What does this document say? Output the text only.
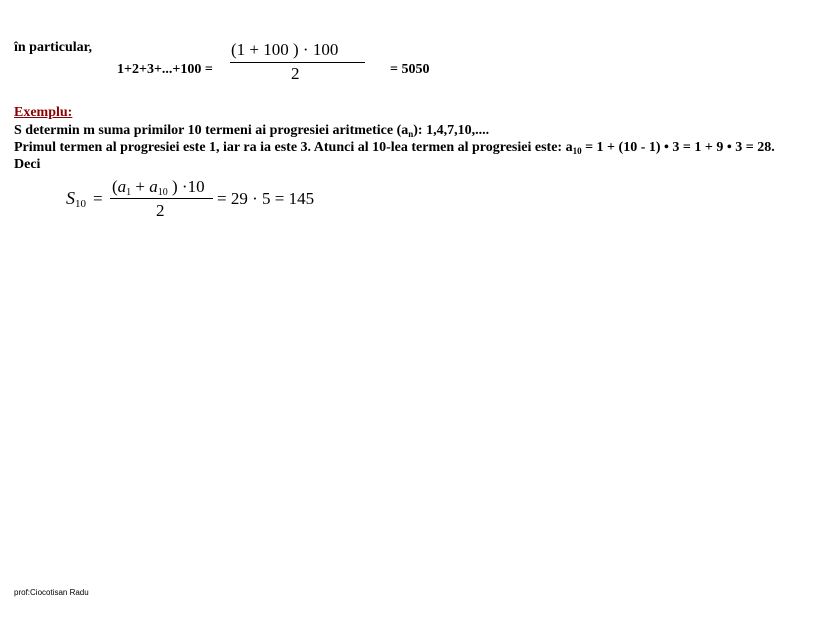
în particular,
1+2+3+...+100 =
(1 + 100 ) · 100
2	= 5050
Exemplu:
S determin m suma primilor 10 termeni ai progresiei aritmetice $(a_n)$: 1,4,7,10,....
Primul termen al progresiei este 1, iar ra ia este 3. Atunci al 10-lea termen al progresiei este: $a_{10} = 1 + (10 - 1)$ • 3 = 1 + 9 • 3 = 28.
Deci
$S_{10}$ =
($a_1 + a_{10}$ ) ·10
2
= 29 · 5 = 145
prof:Ciocotisan Radu
